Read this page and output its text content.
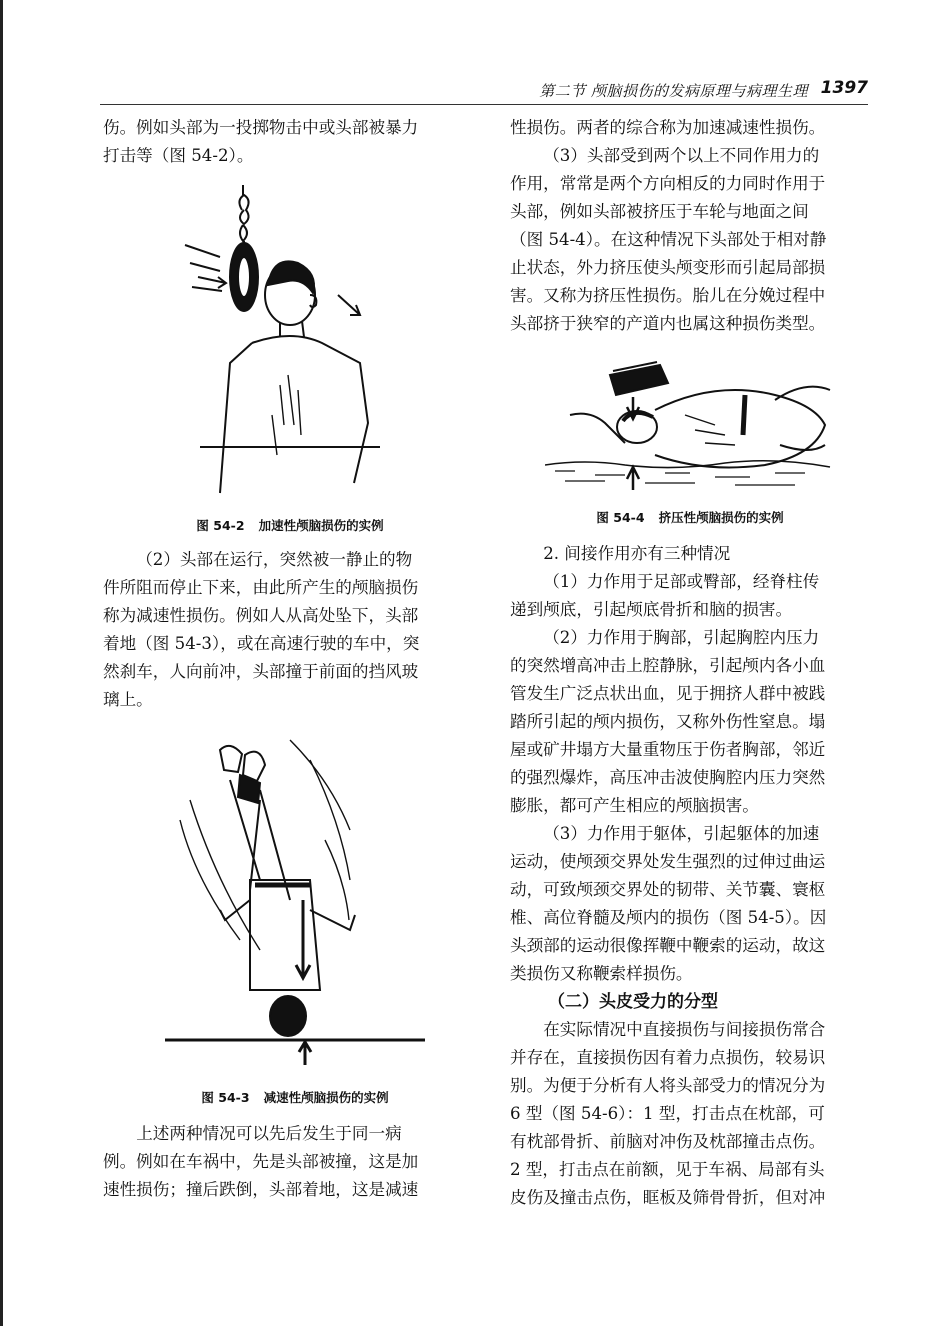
第二节 颅脑损伤的发病原理与病理生理 1397

伤。例如头部为一投掷物击中或头部被暴力

打击等（图 54-2）。

图 54-2 加速性颅脑损伤的实例

（2）头部在运行，突然被一静止的物

件所阻而停止下来，由此所产生的颅脑损伤

称为减速性损伤。例如人从高处坠下，头部

着地（图 54-3），或在高速行驶的车中，突

然刹车，人向前冲，头部撞于前面的挡风玻

璃上。

图 54-3 减速性颅脑损伤的实例

上述两种情况可以先后发生于同一病

例。例如在车祸中，先是头部被撞，这是加

速性损伤；撞后跌倒，头部着地，这是减速

性损伤。两者的综合称为加速减速性损伤。

（3）头部受到两个以上不同作用力的

作用，常常是两个方向相反的力同时作用于

头部，例如头部被挤压于车轮与地面之间

（图 54-4）。在这种情况下头部处于相对静

止状态，外力挤压使头颅变形而引起局部损

害。又称为挤压性损伤。胎儿在分娩过程中

头部挤于狭窄的产道内也属这种损伤类型。

图 54-4 挤压性颅脑损伤的实例

2. 间接作用亦有三种情况

（1）力作用于足部或臀部，经脊柱传

递到颅底，引起颅底骨折和脑的损害。

（2）力作用于胸部，引起胸腔内压力

的突然增高冲击上腔静脉，引起颅内各小血

管发生广泛点状出血，见于拥挤人群中被践

踏所引起的颅内损伤，又称外伤性窒息。塌

屋或矿井塌方大量重物压于伤者胸部，邻近

的强烈爆炸，高压冲击波使胸腔内压力突然

膨胀，都可产生相应的颅脑损害。

（3）力作用于躯体，引起躯体的加速

运动，使颅颈交界处发生强烈的过伸过曲运

动，可致颅颈交界处的韧带、关节囊、寰枢

椎、高位脊髓及颅内的损伤（图 54-5）。因

头颈部的运动很像挥鞭中鞭索的运动，故这

类损伤又称鞭索样损伤。

（二）头皮受力的分型

在实际情况中直接损伤与间接损伤常合

并存在，直接损伤因有着力点损伤，较易识

别。为便于分析有人将头部受力的情况分为

6 型（图 54-6）：1 型，打击点在枕部，可

有枕部骨折、前脑对冲伤及枕部撞击点伤。

2 型，打击点在前额，见于车祸、局部有头

皮伤及撞击点伤，眶板及筛骨骨折，但对冲
